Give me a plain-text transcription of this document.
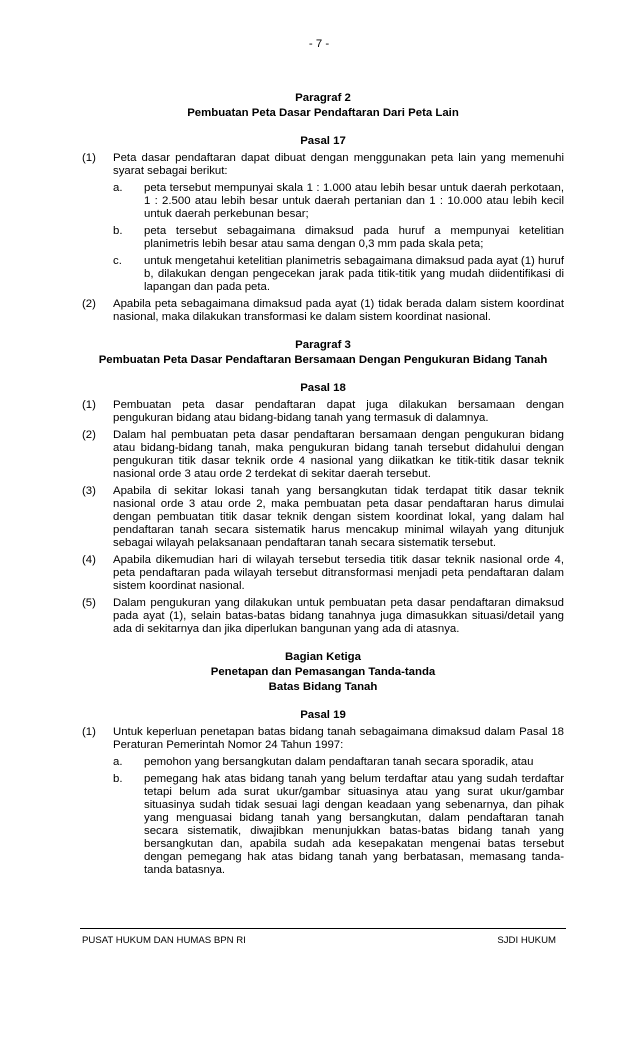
- 7 -
Paragraf 2
Pembuatan Peta Dasar Pendaftaran Dari Peta Lain
Pasal 17
(1)	Peta dasar pendaftaran dapat dibuat dengan menggunakan peta lain yang memenuhi syarat sebagai berikut:
a.	peta tersebut mempunyai skala 1 : 1.000 atau lebih besar untuk daerah perkotaan, 1 : 2.500 atau lebih besar untuk daerah pertanian dan 1 : 10.000 atau lebih kecil untuk daerah perkebunan besar;
b.	peta tersebut sebagaimana dimaksud pada huruf a mempunyai ketelitian planimetris lebih besar atau sama dengan 0,3 mm pada skala peta;
c.	untuk mengetahui ketelitian planimetris sebagaimana dimaksud pada ayat (1) huruf b, dilakukan dengan pengecekan jarak pada titik-titik yang mudah diidentifikasi di lapangan dan pada peta.
(2)	Apabila peta sebagaimana dimaksud pada ayat (1) tidak berada dalam sistem koordinat nasional, maka dilakukan transformasi ke dalam sistem koordinat nasional.
Paragraf 3
Pembuatan Peta Dasar Pendaftaran Bersamaan Dengan Pengukuran Bidang Tanah
Pasal 18
(1)	Pembuatan peta dasar pendaftaran dapat juga dilakukan bersamaan dengan pengukuran bidang atau bidang-bidang tanah yang termasuk di dalamnya.
(2)	Dalam hal pembuatan peta dasar pendaftaran bersamaan dengan pengukuran bidang atau bidang-bidang tanah, maka pengukuran bidang tanah tersebut didahului dengan pengukuran titik dasar teknik orde 4 nasional yang diikatkan ke titik-titik dasar teknik nasional orde 3 atau orde 2 terdekat di sekitar daerah tersebut.
(3)	Apabila di sekitar lokasi tanah yang bersangkutan tidak terdapat titik dasar teknik nasional orde 3 atau orde 2, maka pembuatan peta dasar pendaftaran harus dimulai dengan pembuatan titik dasar teknik dengan sistem koordinat lokal, yang dalam hal pendaftaran tanah secara sistematik harus mencakup minimal wilayah yang ditunjuk sebagai wilayah pelaksanaan pendaftaran tanah secara sistematik tersebut.
(4)	Apabila dikemudian hari di wilayah tersebut tersedia titik dasar teknik nasional orde 4, peta pendaftaran pada wilayah tersebut ditransformasi menjadi peta pendaftaran dalam sistem koordinat nasional.
(5)	Dalam pengukuran yang dilakukan untuk pembuatan peta dasar pendaftaran dimaksud pada ayat (1), selain batas-batas bidang tanahnya juga dimasukkan situasi/detail yang ada di sekitarnya dan jika diperlukan bangunan yang ada di atasnya.
Bagian Ketiga
Penetapan dan Pemasangan Tanda-tanda
Batas Bidang Tanah
Pasal 19
(1)	Untuk keperluan penetapan batas bidang tanah sebagaimana dimaksud dalam Pasal 18 Peraturan Pemerintah Nomor 24 Tahun 1997:
a.	pemohon yang bersangkutan dalam pendaftaran tanah secara sporadik, atau
b.	pemegang hak atas bidang tanah yang belum terdaftar atau yang sudah terdaftar tetapi belum ada surat ukur/gambar situasinya atau yang surat ukur/gambar situasinya sudah tidak sesuai lagi dengan keadaan yang sebenarnya, dan pihak yang menguasai bidang tanah yang bersangkutan, dalam pendaftaran tanah secara sistematik, diwajibkan menunjukkan batas-batas bidang tanah yang bersangkutan dan, apabila sudah ada kesepakatan mengenai batas tersebut dengan pemegang hak atas bidang tanah yang berbatasan, memasang tanda-tanda batasnya.
PUSAT HUKUM DAN HUMAS BPN RI	SJDI HUKUM
